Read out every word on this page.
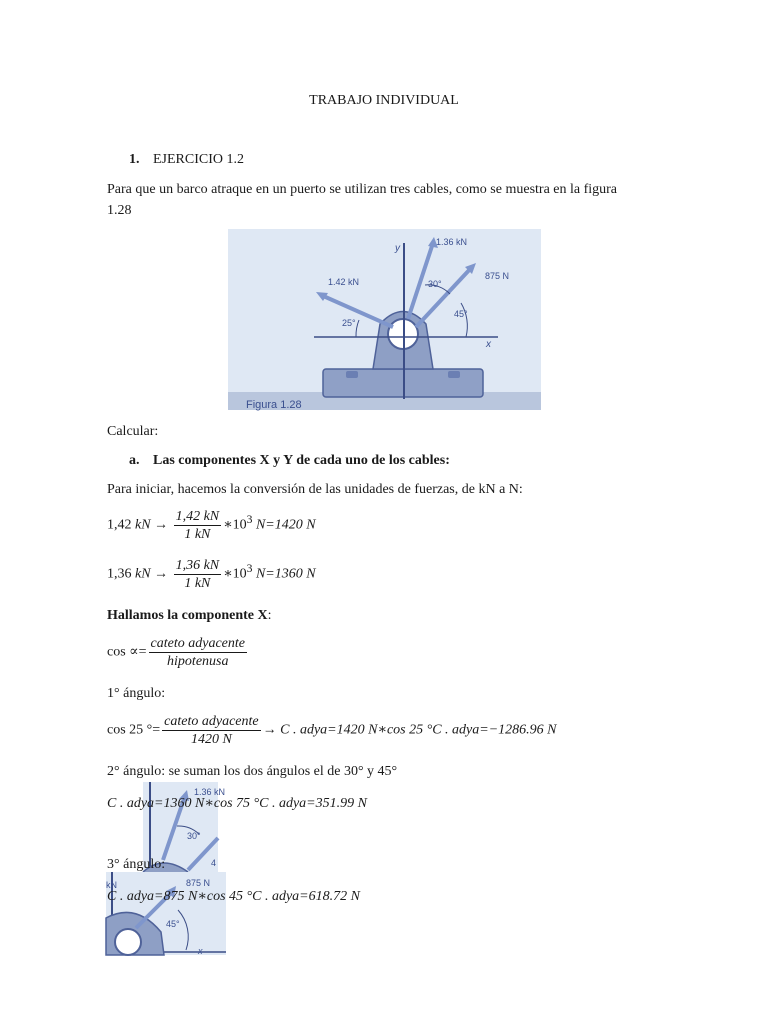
TRABAJO INDIVIDUAL
1. EJERCICIO 1.2
Para que un barco atraque en un puerto se utilizan tres cables, como se muestra en la figura
1.28
y
x
1.42 kN
25°
1.36 kN
875 N
30°
45°
Figura 1.28
Calcular:
a. Las componentes X y Y de cada uno de los cables:
Para iniciar, hacemos la conversión de las unidades de fuerzas, de kN a N:
1,42 kN → $\frac{1,42 kN}{1 kN}$ $∗10^3$ N=1420 N
1,36 kN → $\frac{1,36 kN}{1 kN}$ $∗10^3$ N=1360 N
Hallamos la componente X:
$\cos \propto= \frac{\text{cateto adyacente}}{\text{hipotenusa}}$
1° ángulo:
cos 25 °= $\frac{\text{cateto adyacente}}{1420 N} \to C$ . adya=1420 N∗cos 25 °C . adya=−1286.96 N
2° ángulo: se suman los dos ángulos el de 30° y 45°
1.36 kN
30°
4
C . adya=1360 N∗cos 75 °C . adya=351.99 N
3° ángulo:
875 N
kN
45°
x
C . adya=875 N∗cos 45 °C . adya=618.72 N
